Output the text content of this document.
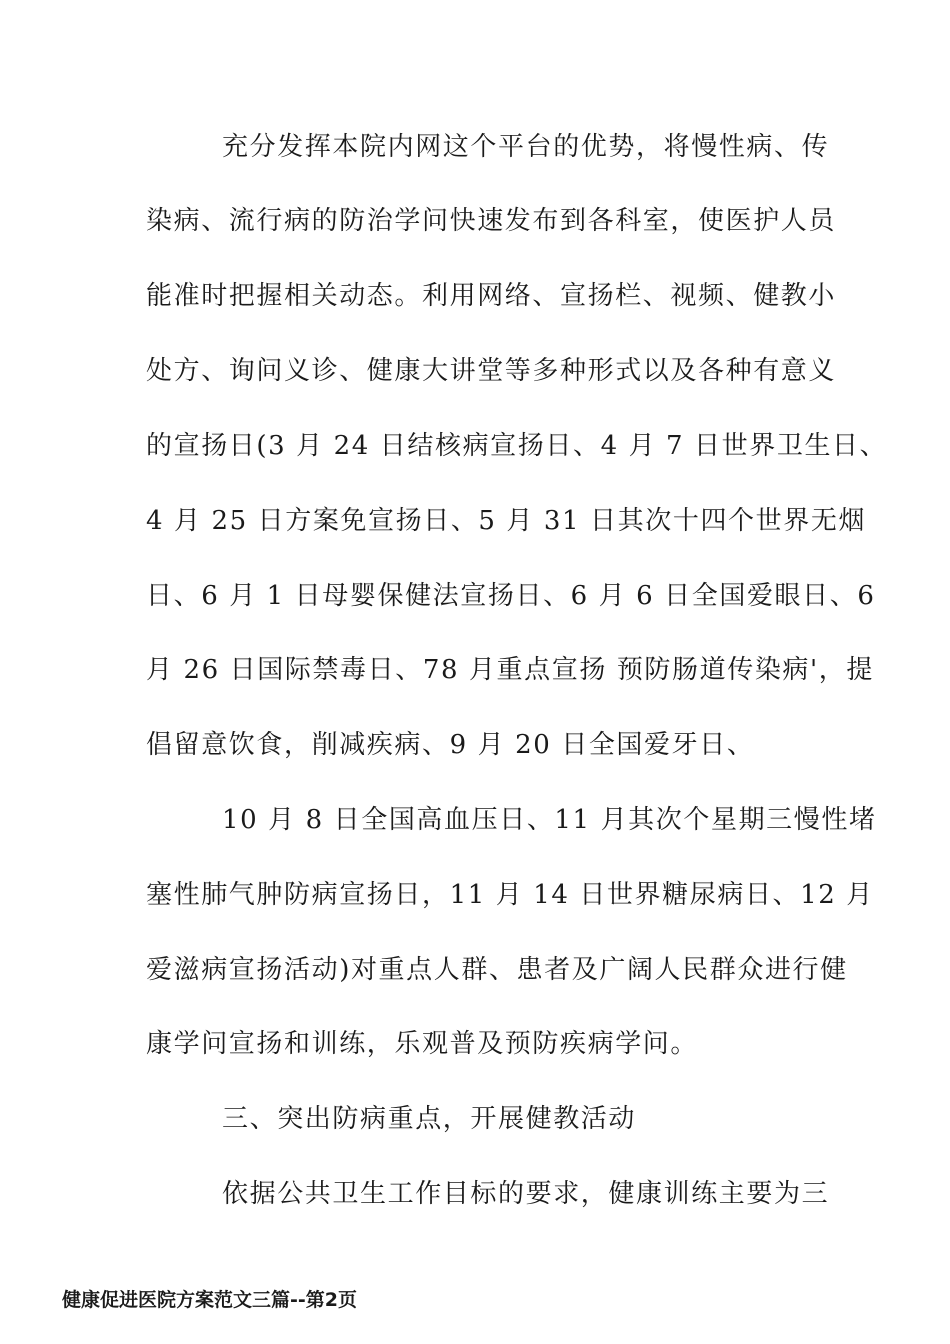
充分发挥本院内网这个平台的优势，将慢性病、传
染病、流行病的防治学问快速发布到各科室，使医护人员
能准时把握相关动态。利用网络、宣扬栏、视频、健教小
处方、询问义诊、健康大讲堂等多种形式以及各种有意义
的宣扬日(3 月 24 日结核病宣扬日、4 月 7 日世界卫生日、
4 月 25 日方案免宣扬日、5 月 31 日其次十四个世界无烟
日、6 月 1 日母婴保健法宣扬日、6 月 6 日全国爱眼日、6
月 26 日国际禁毒日、78 月重点宣扬 预防肠道传染病'，提
倡留意饮食，削减疾病、9 月 20 日全国爱牙日、
10 月 8 日全国高血压日、11 月其次个星期三慢性堵
塞性肺气肿防病宣扬日，11 月 14 日世界糖尿病日、12 月
爱滋病宣扬活动)对重点人群、患者及广阔人民群众进行健
康学问宣扬和训练，乐观普及预防疾病学问。
三、突出防病重点，开展健教活动
依据公共卫生工作目标的要求，健康训练主要为三
健康促进医院方案范文三篇--第2页
